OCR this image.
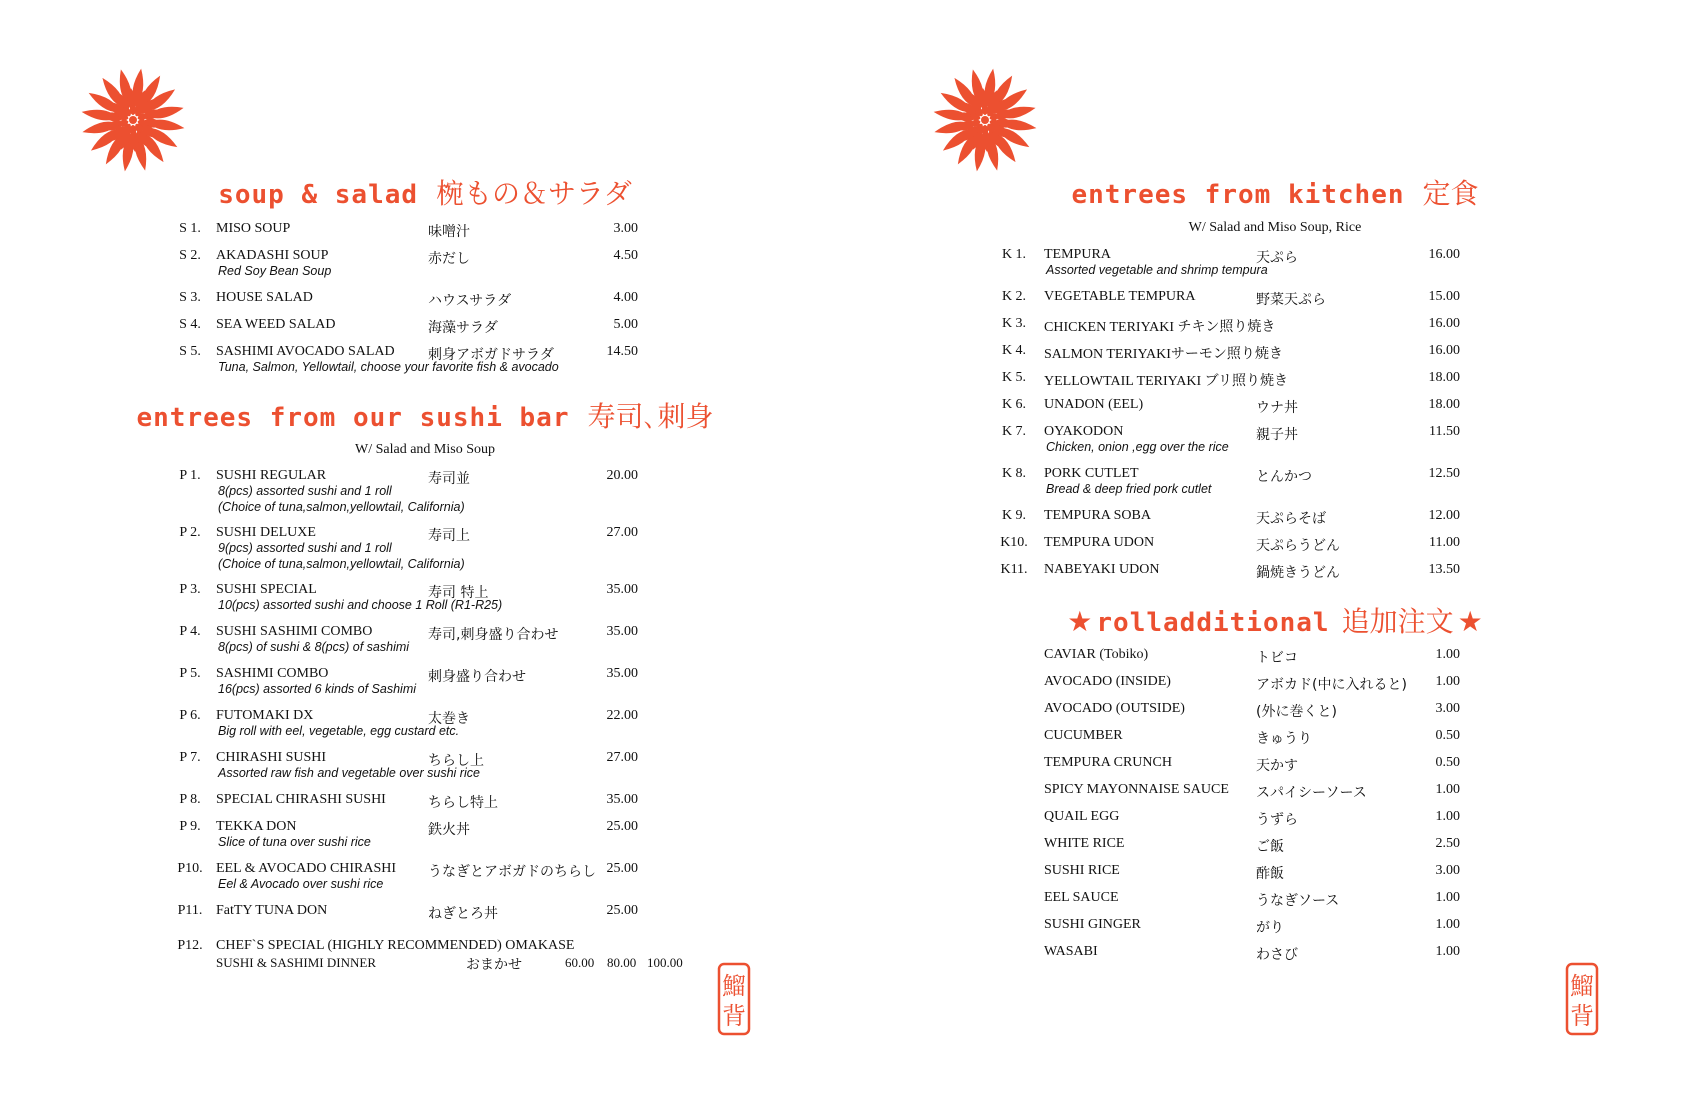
soup & salad 椀もの＆サラダ
S 1.	MISO SOUP	味噌汁	3.00
S 2.	AKADASHI SOUP	赤だし	4.50
Red Soy Bean Soup
S 3.	HOUSE SALAD	ハウスサラダ	4.00
S 4.	SEA WEED SALAD	海藻サラダ	5.00
S 5.	SASHIMI AVOCADO SALAD 刺身アボガドサラダ	14.50
Tuna, Salmon, Yellowtail, choose your favorite fish & avocado
entrees from our sushi bar 寿司､刺身
W/ Salad and Miso Soup
P 1.	SUSHI REGULAR	寿司並	20.00
8(pcs) assorted sushi and 1 roll
(Choice of tuna,salmon,yellowtail, California)
P 2.	SUSHI DELUXE	寿司上	27.00
9(pcs) assorted sushi and 1 roll
(Choice of tuna,salmon,yellowtail, California)
P 3.	SUSHI SPECIAL	寿司 特上	35.00
10(pcs) assorted sushi and choose 1 Roll (R1-R25)
P 4.	SUSHI SASHIMI COMBO	寿司,刺身盛り合わせ	35.00
8(pcs) of sushi & 8(pcs) of sashimi
P 5.	SASHIMI COMBO	刺身盛り合わせ	35.00
16(pcs) assorted 6 kinds of Sashimi
P 6.	FUTOMAKI DX	太巻き	22.00
Big roll with eel, vegetable, egg custard etc.
P 7.	CHIRASHI SUSHI	ちらし上	27.00
Assorted raw fish and vegetable over sushi rice
P 8.	SPECIAL CHIRASHI SUSHI	ちらし特上	35.00
P 9.	TEKKA DON	鉄火丼	25.00
Slice of tuna over sushi rice
P10. EEL & AVOCADO CHIRASHI うなぎとアボガドのちらし 25.00
Eel & Avocado over sushi rice
P11. FatTY TUNA DON	ねぎとろ丼	25.00
P12. CHEF`S SPECIAL (HIGHLY RECOMMENDED) OMAKASE
SUSHI & SASHIMI DINNER	おまかせ	60.00 80.00 100.00
鰡
背
entrees from kitchen 定食
W/ Salad and Miso Soup, Rice
K 1.	TEMPURA	天ぷら	16.00
Assorted vegetable and shrimp tempura
K 2.	VEGETABLE TEMPURA	野菜天ぷら	15.00
K 3.	CHICKEN TERIYAKI チキン照り焼き	16.00
K 4.	SALMON TERIYAKIサーモン照り焼き	16.00
K 5.	YELLOWTAIL TERIYAKI ブリ照り焼き	18.00
K 6.	UNADON (EEL)	ウナ丼	18.00
K 7.	OYAKODON	親子丼	11.50
Chicken, onion ,egg over the rice
K 8.	PORK CUTLET	とんかつ	12.50
Bread & deep fried pork cutlet
K 9.	TEMPURA SOBA	天ぷらそば	12.00
K10.	TEMPURA UDON	天ぷらうどん	11.00
K11.	NABEYAKI UDON	鍋焼きうどん	13.50
★ rolladditional 追加注文 ★
CAVIAR (Tobiko)	トビコ	1.00
AVOCADO (INSIDE)	アボカド(中に入れると)	1.00
AVOCADO (OUTSIDE)	(外に巻くと)	3.00
CUCUMBER	きゅうり	0.50
TEMPURA CRUNCH	天かす	0.50
SPICY MAYONNAISE SAUCE スパイシーソース	1.00
QUAIL EGG	うずら	1.00
WHITE RICE	ご飯	2.50
SUSHI RICE	酢飯	3.00
EEL SAUCE	うなぎソース	1.00
SUSHI GINGER	がり	1.00
WASABI	わさび	1.00
鰡
背
